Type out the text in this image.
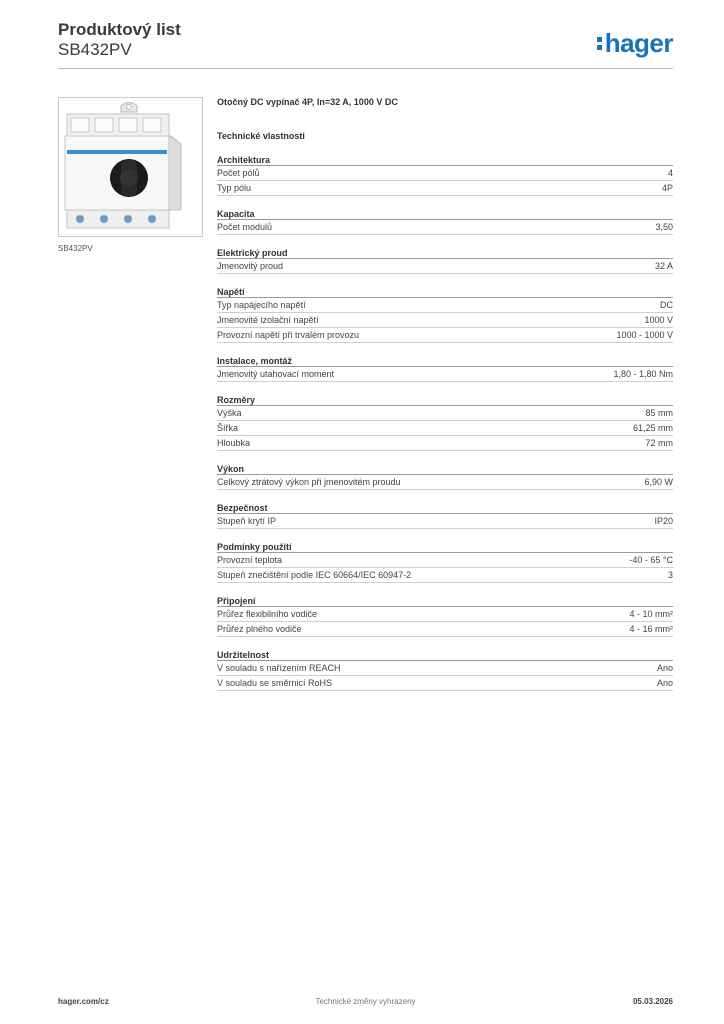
Produktový list
SB432PV	hager
SB432PV
Otočný DC vypínač 4P, In=32 A, 1000 V DC
Technické vlastnosti
Architektura
Počet pólů	4
Typ pólu	4P
Kapacita
Počet modulů	3,50
Elektrický proud
Jmenovitý proud	32 A
Napětí
Typ napájecího napětí	DC
Jmenovité izolační napětí	1000 V
Provozní napětí při trvalém provozu	1000 - 1000 V
Instalace, montáž
Jmenovitý utahovací moment	1,80 - 1,80 Nm
Rozměry
Výška	85 mm
Šířka	61,25 mm
Hloubka	72 mm
Výkon
Celkový ztrátový výkon při jmenovitém proudu	6,90 W
Bezpečnost
Stupeň krytí IP	IP20
Podmínky použití
Provozní teplota	-40 - 65 °C
Stupeň znečištění podle IEC 60664/IEC 60947-2	3
Připojení
Průřez flexibilního vodiče	4 - 10 mm²
Průřez plného vodiče	4 - 16 mm²
Udržitelnost
V souladu s nařízením REACH	Ano
V souladu se směrnicí RoHS	Ano
hager.com/cz	Technické změny vyhrazeny	05.03.2026
